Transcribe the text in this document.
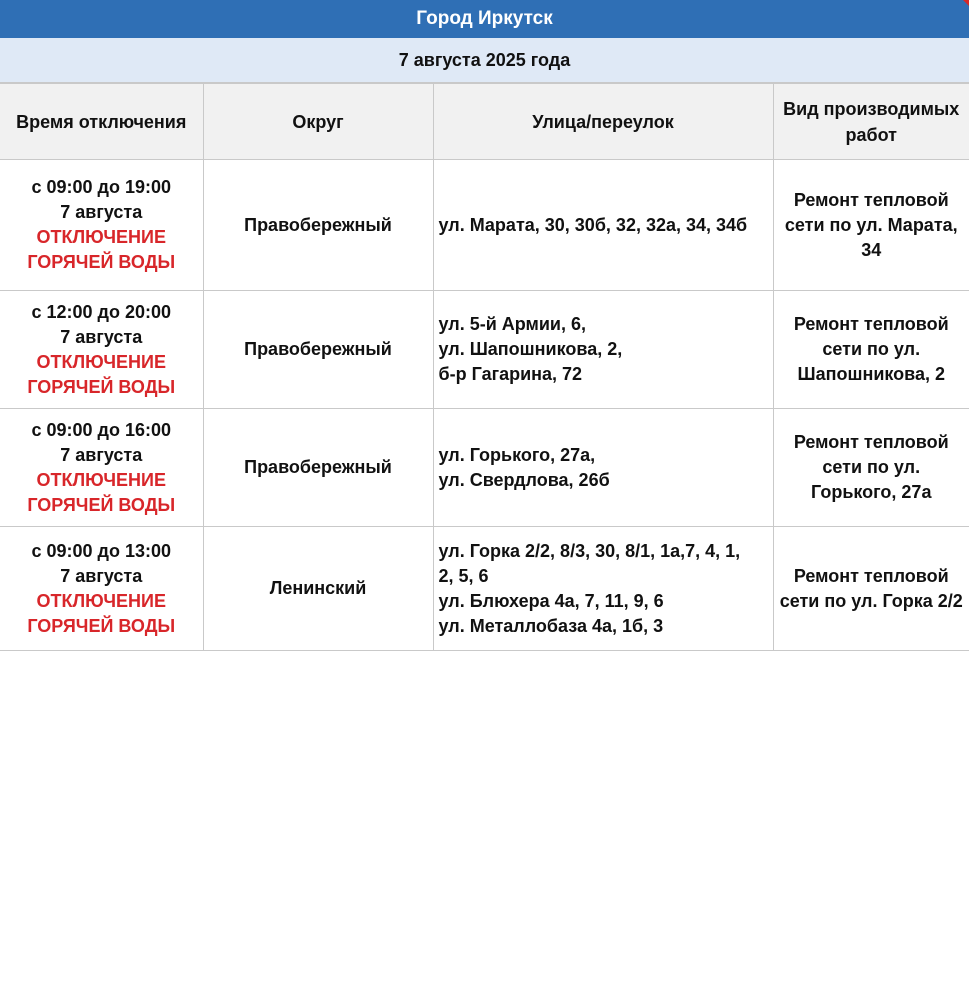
Город Иркутск
7 августа 2025 года
Время отключения	Округ	Улица/переулок	Вид производимых работ

с 09:00 до 19:00
7 августа
ОТКЛЮЧЕНИЕ
ГОРЯЧЕЙ ВОДЫ	Правобережный	ул. Марата, 30, 30б, 32, 32а, 34, 34б	Ремонт тепловой сети по ул. Марата, 34

с 12:00 до 20:00
7 августа
ОТКЛЮЧЕНИЕ
ГОРЯЧЕЙ ВОДЫ	Правобережный	ул. 5-й Армии, 6,
ул. Шапошникова, 2,
б-р Гагарина, 72	Ремонт тепловой сети по ул. Шапошникова, 2

с 09:00 до 16:00
7 августа
ОТКЛЮЧЕНИЕ
ГОРЯЧЕЙ ВОДЫ	Правобережный	ул. Горького, 27а,
ул. Свердлова, 26б	Ремонт тепловой сети по ул. Горького, 27а

с 09:00 до 13:00
7 августа
ОТКЛЮЧЕНИЕ
ГОРЯЧЕЙ ВОДЫ	Ленинский	ул. Горка 2/2, 8/3, 30, 8/1, 1а,7, 4, 1,
2, 5, 6
ул. Блюхера 4а, 7, 11, 9, 6
ул. Металлобаза 4а, 1б, 3	Ремонт тепловой сети по ул. Горка 2/2
